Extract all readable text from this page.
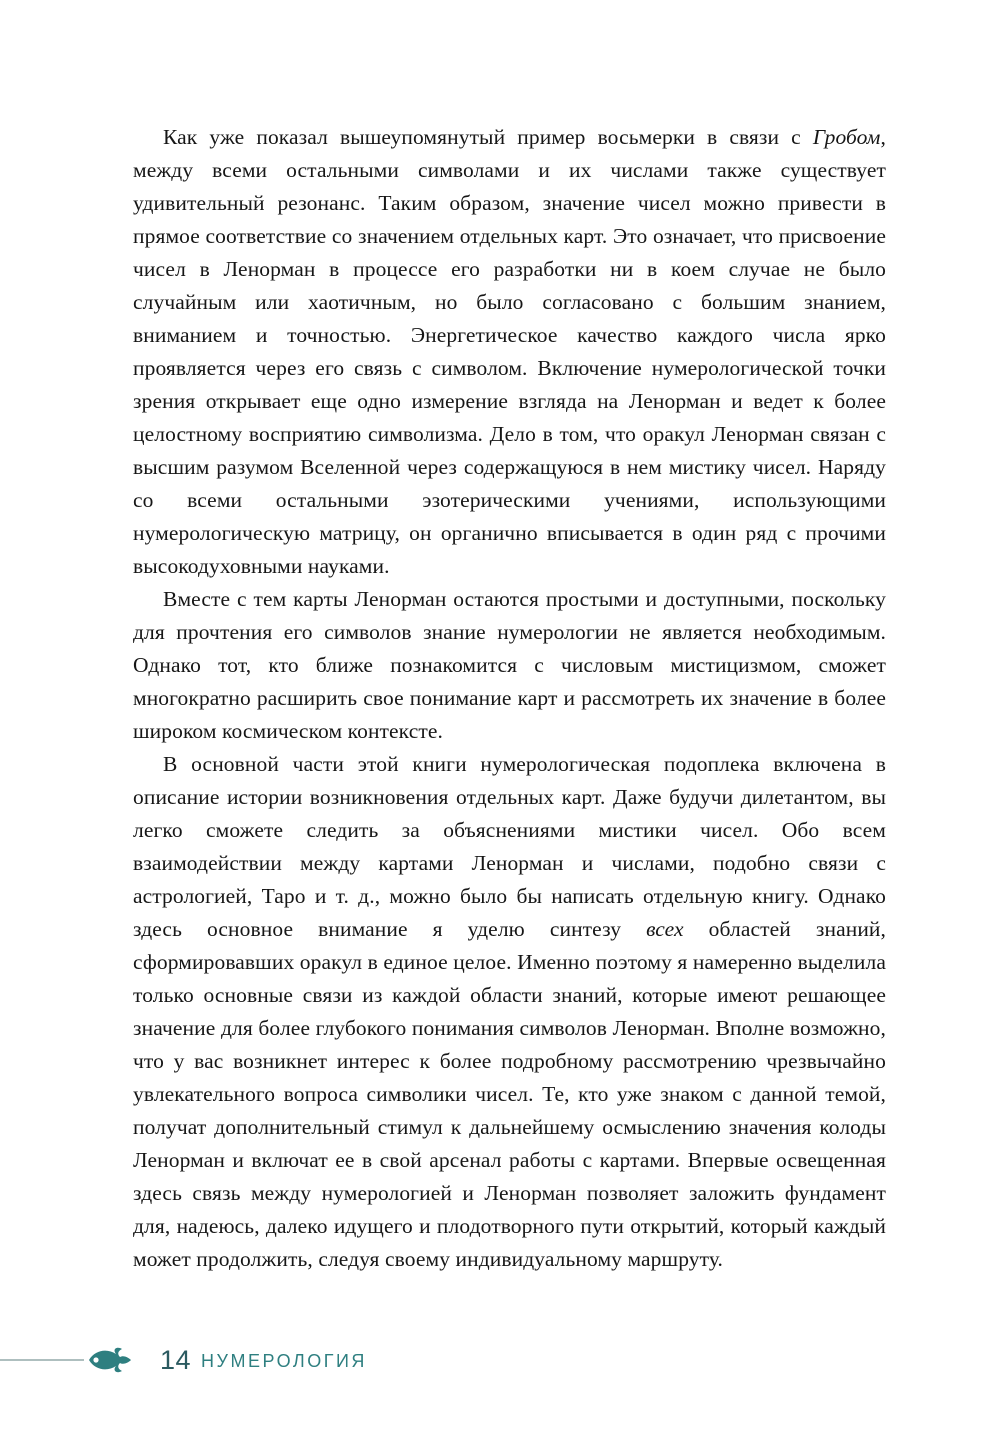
Как уже показал вышеупомянутый пример восьмерки в связи с Гробом, между всеми остальными символами и их числами также существует удивительный резонанс. Таким образом, значение чисел можно привести в прямое соответствие со значением отдельных карт. Это означает, что присвоение чисел в Ленорман в процессе его разработки ни в коем случае не было случайным или хаотичным, но было согласовано с большим знанием, вниманием и точностью. Энергетическое качество каждого числа ярко проявляется через его связь с символом. Включение нумерологической точки зрения открывает еще одно измерение взгляда на Ленорман и ведет к более целостному восприятию символизма. Дело в том, что оракул Ленорман связан с высшим разумом Вселенной через содержащуюся в нем мистику чисел. Наряду со всеми остальными эзотерическими учениями, использующими нумерологическую матрицу, он органично вписывается в один ряд с прочими высокодуховными науками.

Вместе с тем карты Ленорман остаются простыми и доступными, поскольку для прочтения его символов знание нумерологии не является необходимым. Однако тот, кто ближе познакомится с числовым мистицизмом, сможет многократно расширить свое понимание карт и рассмотреть их значение в более широком космическом контексте.

В основной части этой книги нумерологическая подоплека включена в описание истории возникновения отдельных карт. Даже будучи дилетантом, вы легко сможете следить за объяснениями мистики чисел. Обо всем взаимодействии между картами Ленорман и числами, подобно связи с астрологией, Таро и т. д., можно было бы написать отдельную книгу. Однако здесь основное внимание я уделю синтезу всех областей знаний, сформировавших оракул в единое целое. Именно поэтому я намеренно выделила только основные связи из каждой области знаний, которые имеют решающее значение для более глубокого понимания символов Ленорман. Вполне возможно, что у вас возникнет интерес к более подробному рассмотрению чрезвычайно увлекательного вопроса символики чисел. Те, кто уже знаком с данной темой, получат дополнительный стимул к дальнейшему осмыслению значения колоды Ленорман и включат ее в свой арсенал работы с картами. Впервые освещенная здесь связь между нумерологией и Ленорман позволяет заложить фундамент для, надеюсь, далеко идущего и плодотворного пути открытий, который каждый может продолжить, следуя своему индивидуальному маршруту.

14 НУМЕРОЛОГИЯ
